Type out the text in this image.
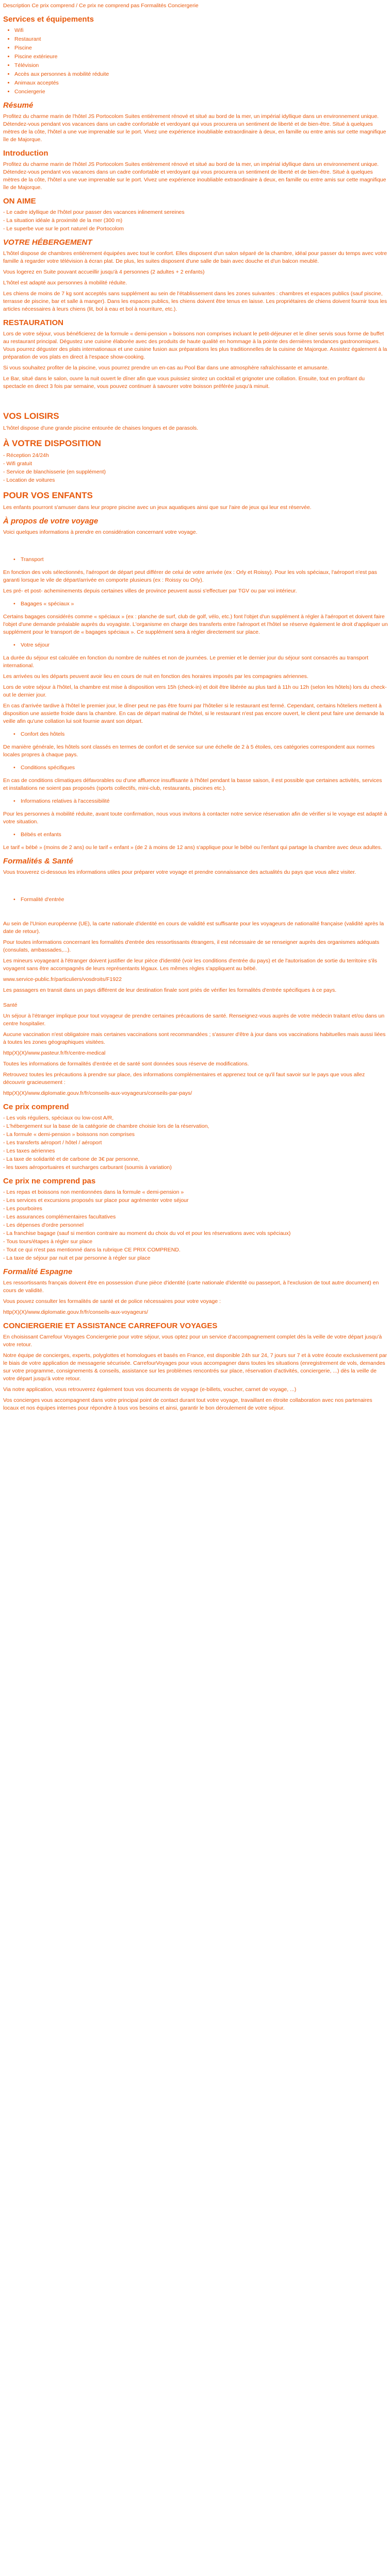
Description Ce prix comprend / Ce prix ne comprend pas Formalités Conciergerie

Services et équipements
• Wifi
• Restaurant
• Piscine
• Piscine extérieure
• Télévision
• Accès aux personnes à mobilité réduite
• Animaux acceptés
• Conciergerie
Résumé

Profitez du charme marin de l'hôtel JS Portocolom Suites entièrement rénové et situé au bord de la mer, un impérial idyllique dans un environnement unique. Détendez-vous pendant vos vacances dans un cadre confortable et verdoyant qui vous procurera un sentiment de liberté et de bien-être. Situé à quelques mètres de la côte, l'hôtel a une vue imprenable sur le port. Vivez une expérience inoubliable extraordinaire à deux, en famille ou entre amis sur cette magnifique île de Majorque.

Introduction

Profitez du charme marin de l'hôtel JS Portocolom Suites entièrement rénové et situé au bord de la mer, un impérial idyllique dans un environnement unique. Détendez-vous pendant vos vacances dans un cadre confortable et verdoyant qui vous procurera un sentiment de liberté et de bien-être. Situé à quelques mètres de la côte, l'hôtel a une vue imprenable sur le port. Vivez une expérience inoubliable extraordinaire à deux, en famille ou entre amis sur cette magnifique île de Majorque.

ON AIME
- Le cadre idyllique de l'hôtel pour passer des vacances inlinement sereines
- La situation idéale à proximité de la mer (300 m)
- Le superbe vue sur le port naturel de Portocolom
VOTRE HÉBERGEMENT

L'hôtel dispose de chambres entièrement équipées avec tout le confort. Elles disposent d'un salon séparé de la chambre, idéal pour passer du temps avec votre famille à regarder votre télévision à écran plat. De plus, les suites disposent d'une salle de bain avec douche et d'un balcon meublé.

Vous logerez en Suite pouvant accueillir jusqu'à 4 personnes (2 adultes + 2 enfants)

L'hôtel est adapté aux personnes à mobilité réduite.

Les chiens de moins de 7 kg sont acceptés sans supplément au sein de l'établissement dans les zones suivantes : chambres et espaces publics (sauf piscine, terrasse de piscine, bar et salle à manger). Dans les espaces publics, les chiens doivent être tenus en laisse. Les propriétaires de chiens doivent fournir tous les articles nécessaires à leurs chiens (lit, bol à eau et bol à nourriture, etc.).

RESTAURATION

Lors de votre séjour, vous bénéficierez de la formule « demi-pension » boissons non comprises incluant le petit-déjeuner et le dîner servis sous forme de buffet au restaurant principal. Dégustez une cuisine élaborée avec des produits de haute qualité en hommage à la pointe des dernières tendances gastronomiques. Vous pourrez déguster des plats internationaux et une cuisine fusion aux préparations les plus traditionnelles de la cuisine de Majorque. Assistez également à la préparation de vos plats en direct à l'espace show-cooking.

Si vous souhaitez profiter de la piscine, vous pourrez prendre un en-cas au Pool Bar dans une atmosphère rafraîchissante et amusante.

Le Bar, situé dans le salon, ouvre la nuit ouvert le dîner afin que vous puissiez sirotez un cocktail et grignoter une collation. Ensuite, tout en profitant du spectacle en direct 3 fois par semaine, vous pouvez continuer à savourer votre boisson préférée jusqu'à minuit.

VOS LOISIRS

L'hôtel dispose d'une grande piscine entourée de chaises longues et de parasols.

À VOTRE DISPOSITION
- Réception 24/24h
- Wifi gratuit
- Service de blanchisserie (en supplément)
- Location de voitures
POUR VOS ENFANTS

Les enfants pourront s'amuser dans leur propre piscine avec un jeux aquatiques ainsi que sur l'aire de jeux qui leur est réservée.

À propos de votre voyage

Voici quelques informations à prendre en considération concernant votre voyage.

• Transport

En fonction des vols sélectionnés, l'aéroport de départ peut différer de celui de votre arrivée (ex : Orly et Roissy). Pour les vols spéciaux, l'aéroport n'est pas garanti lorsque le vile de départ/arrivée en comporte plusieurs (ex : Roissy ou Orly).

Les pré- et post- acheminements depuis certaines villes de province peuvent aussi s'effectuer par TGV ou par voi intérieur.

• Bagages « spéciaux »

Certains bagages considérés comme « spéciaux » (ex : planche de surf, club de golf, vélo, etc.) font l'objet d'un supplément à régler à l'aéroport et doivent faire l'objet d'une demande préalable auprès du voyagiste. L'organisme en charge des transferts entre l'aéroport et l'hôtel se réserve également le droit d'appliquer un supplément pour le transport de « bagages spéciaux ». Ce supplément sera à régler directement sur place.

• Votre séjour

La durée du séjour est calculée en fonction du nombre de nuitées et non de journées. Le premier et le dernier jour du séjour sont consacrés au transport international.

Les arrivées ou les départs peuvent avoir lieu en cours de nuit en fonction des horaires imposés par les compagnies aériennes.

Lors de votre séjour à l'hôtel, la chambre est mise à disposition vers 15h (check-in) et doit être libérée au plus tard à 11h ou 12h (selon les hôtels) lors du check-out le dernier jour.

En cas d'arrivée tardive à l'hôtel le premier jour, le dîner peut ne pas être fourni par l'hôtelier si le restaurant est fermé. Cependant, certains hôteliers mettent à disposition une assiette froide dans la chambre. En cas de départ matinal de l'hôtel, si le restaurant n'est pas encore ouvert, le client peut faire une demande la veille afin qu'une collation lui soit fournie avant son départ.

• Confort des hôtels

De manière générale, les hôtels sont classés en termes de confort et de service sur une échelle de 2 à 5 étoiles, ces catégories correspondent aux normes locales propres à chaque pays.

• Conditions spécifiques

En cas de conditions climatiques défavorables ou d'une affluence insuffisante à l'hôtel pendant la basse saison, il est possible que certaines activités, services et installations ne soient pas proposés (sports collectifs, mini-club, restaurants, piscines etc.).

• Informations relatives à l'accessibilité

Pour les personnes à mobilité réduite, avant toute confirmation, nous vous invitons à contacter notre service réservation afin de vérifier si le voyage est adapté à votre situation.

• Bébés et enfants

Le tarif « bébé » (moins de 2 ans) ou le tarif « enfant » (de 2 à moins de 12 ans) s'applique pour le bébé ou l'enfant qui partage la chambre avec deux adultes.

Formalités & Santé

Vous trouverez ci-dessous les informations utiles pour préparer votre voyage et prendre connaissance des actualités du pays que vous allez visiter.

• Formalité d'entrée

Au sein de l'Union européenne (UE), la carte nationale d'identité en cours de validité est suffisante pour les voyageurs de nationalité française (validité après la date de retour).

Pour toutes informations concernant les formalités d'entrée des ressortissants étrangers, il est nécessaire de se renseigner auprès des organismes adéquats (consulats, ambassades,...).

Les mineurs voyageant à l'étranger doivent justifier de leur pièce d'identité (voir les conditions d'entrée du pays) et de l'autorisation de sortie du territoire s'ils voyagent sans être accompagnés de leurs représentants légaux. Les mêmes règles s'appliquent au bébé.

www.service-public.fr/particuliers/vosdroits/F1922

Les passagers en transit dans un pays différent de leur destination finale sont priés de vérifier les formalités d'entrée spécifiques à ce pays.

Santé

Un séjour à l'étranger implique pour tout voyageur de prendre certaines précautions de santé. Renseignez-vous auprès de votre médecin traitant et/ou dans un centre hospitalier.

Aucune vaccination n'est obligatoire mais certaines vaccinations sont recommandées ; s'assurer d'être à jour dans vos vaccinations habituelles mais aussi liées à toutes les zones géographiques visitées.

http(X)(X)/www.pasteur.fr/fr/centre-medical

Toutes les informations de formalités d'entrée et de santé sont données sous réserve de modifications.

Retrouvez toutes les précautions à prendre sur place, des informations complémentaires et apprenez tout ce qu'il faut savoir sur le pays que vous allez découvrir gracieusement :

http(X)(X)/www.diplomatie.gouv.fr/fr/conseils-aux-voyageurs/conseils-par-pays/

Ce prix comprend
- Les vols réguliers, spéciaux ou low-cost A/R,
- L'hébergement sur la base de la catégorie de chambre choisie lors de la réservation,
- La formule « demi-pension » boissons non comprises
- Les transferts aéroport / hôtel / aéroport
- Les taxes aériennes
- La taxe de solidarité et de carbone de 3€ par personne,
- les taxes aéroportuaires et surcharges carburant (soumis à variation)
Ce prix ne comprend pas
- Les repas et boissons non mentionnées dans la formule « demi-pension »
- Les services et excursions proposés sur place pour agrémenter votre séjour
- Les pourboires
- Les assurances complémentaires facultatives
- Les dépenses d'ordre personnel
- La franchise bagage (sauf si mention contraire au moment du choix du vol et pour les réservations avec vols spéciaux)
- Tous tours/étapes à régler sur place
- Tout ce qui n'est pas mentionné dans la rubrique CE PRIX COMPREND.
- La taxe de séjour par nuit et par personne à régler sur place
Formalité Espagne

Les ressortissants français doivent être en possession d'une pièce d'identité (carte nationale d'identité ou passeport, à l'exclusion de tout autre document) en cours de validité.

Vous pouvez consulter les formalités de santé et de police nécessaires pour votre voyage :

http(X)(X)/www.diplomatie.gouv.fr/fr/conseils-aux-voyageurs/

CONCIERGERIE ET ASSISTANCE CARREFOUR VOYAGES

En choisissant Carrefour Voyages Conciergerie pour votre séjour, vous optez pour un service d'accompagnement complet dès la veille de votre départ jusqu'à votre retour.

Notre équipe de concierges, experts, polyglottes et homologues et basés en France, est disponible 24h sur 24, 7 jours sur 7 et à votre écoute exclusivement par le biais de votre application de messagerie sécurisée. CarrefourVoyages pour vous accompagner dans toutes les situations (enregistrement de vols, demandes sur votre programme, consignements & conseils, assistance sur les problèmes rencontrés sur place, réservation d'activités, conciergerie, ...) dès la veille de votre départ jusqu'à votre retour.

Via notre application, vous retrouverez également tous vos documents de voyage (e-billets, voucher, carnet de voyage, ...)

Vos concierges vous accompagnent dans votre principal point de contact durant tout votre voyage, travaillant en étroite collaboration avec nos partenaires locaux et nos équipes internes pour répondre à tous vos besoins et ainsi, garantir le bon déroulement de votre séjour.
